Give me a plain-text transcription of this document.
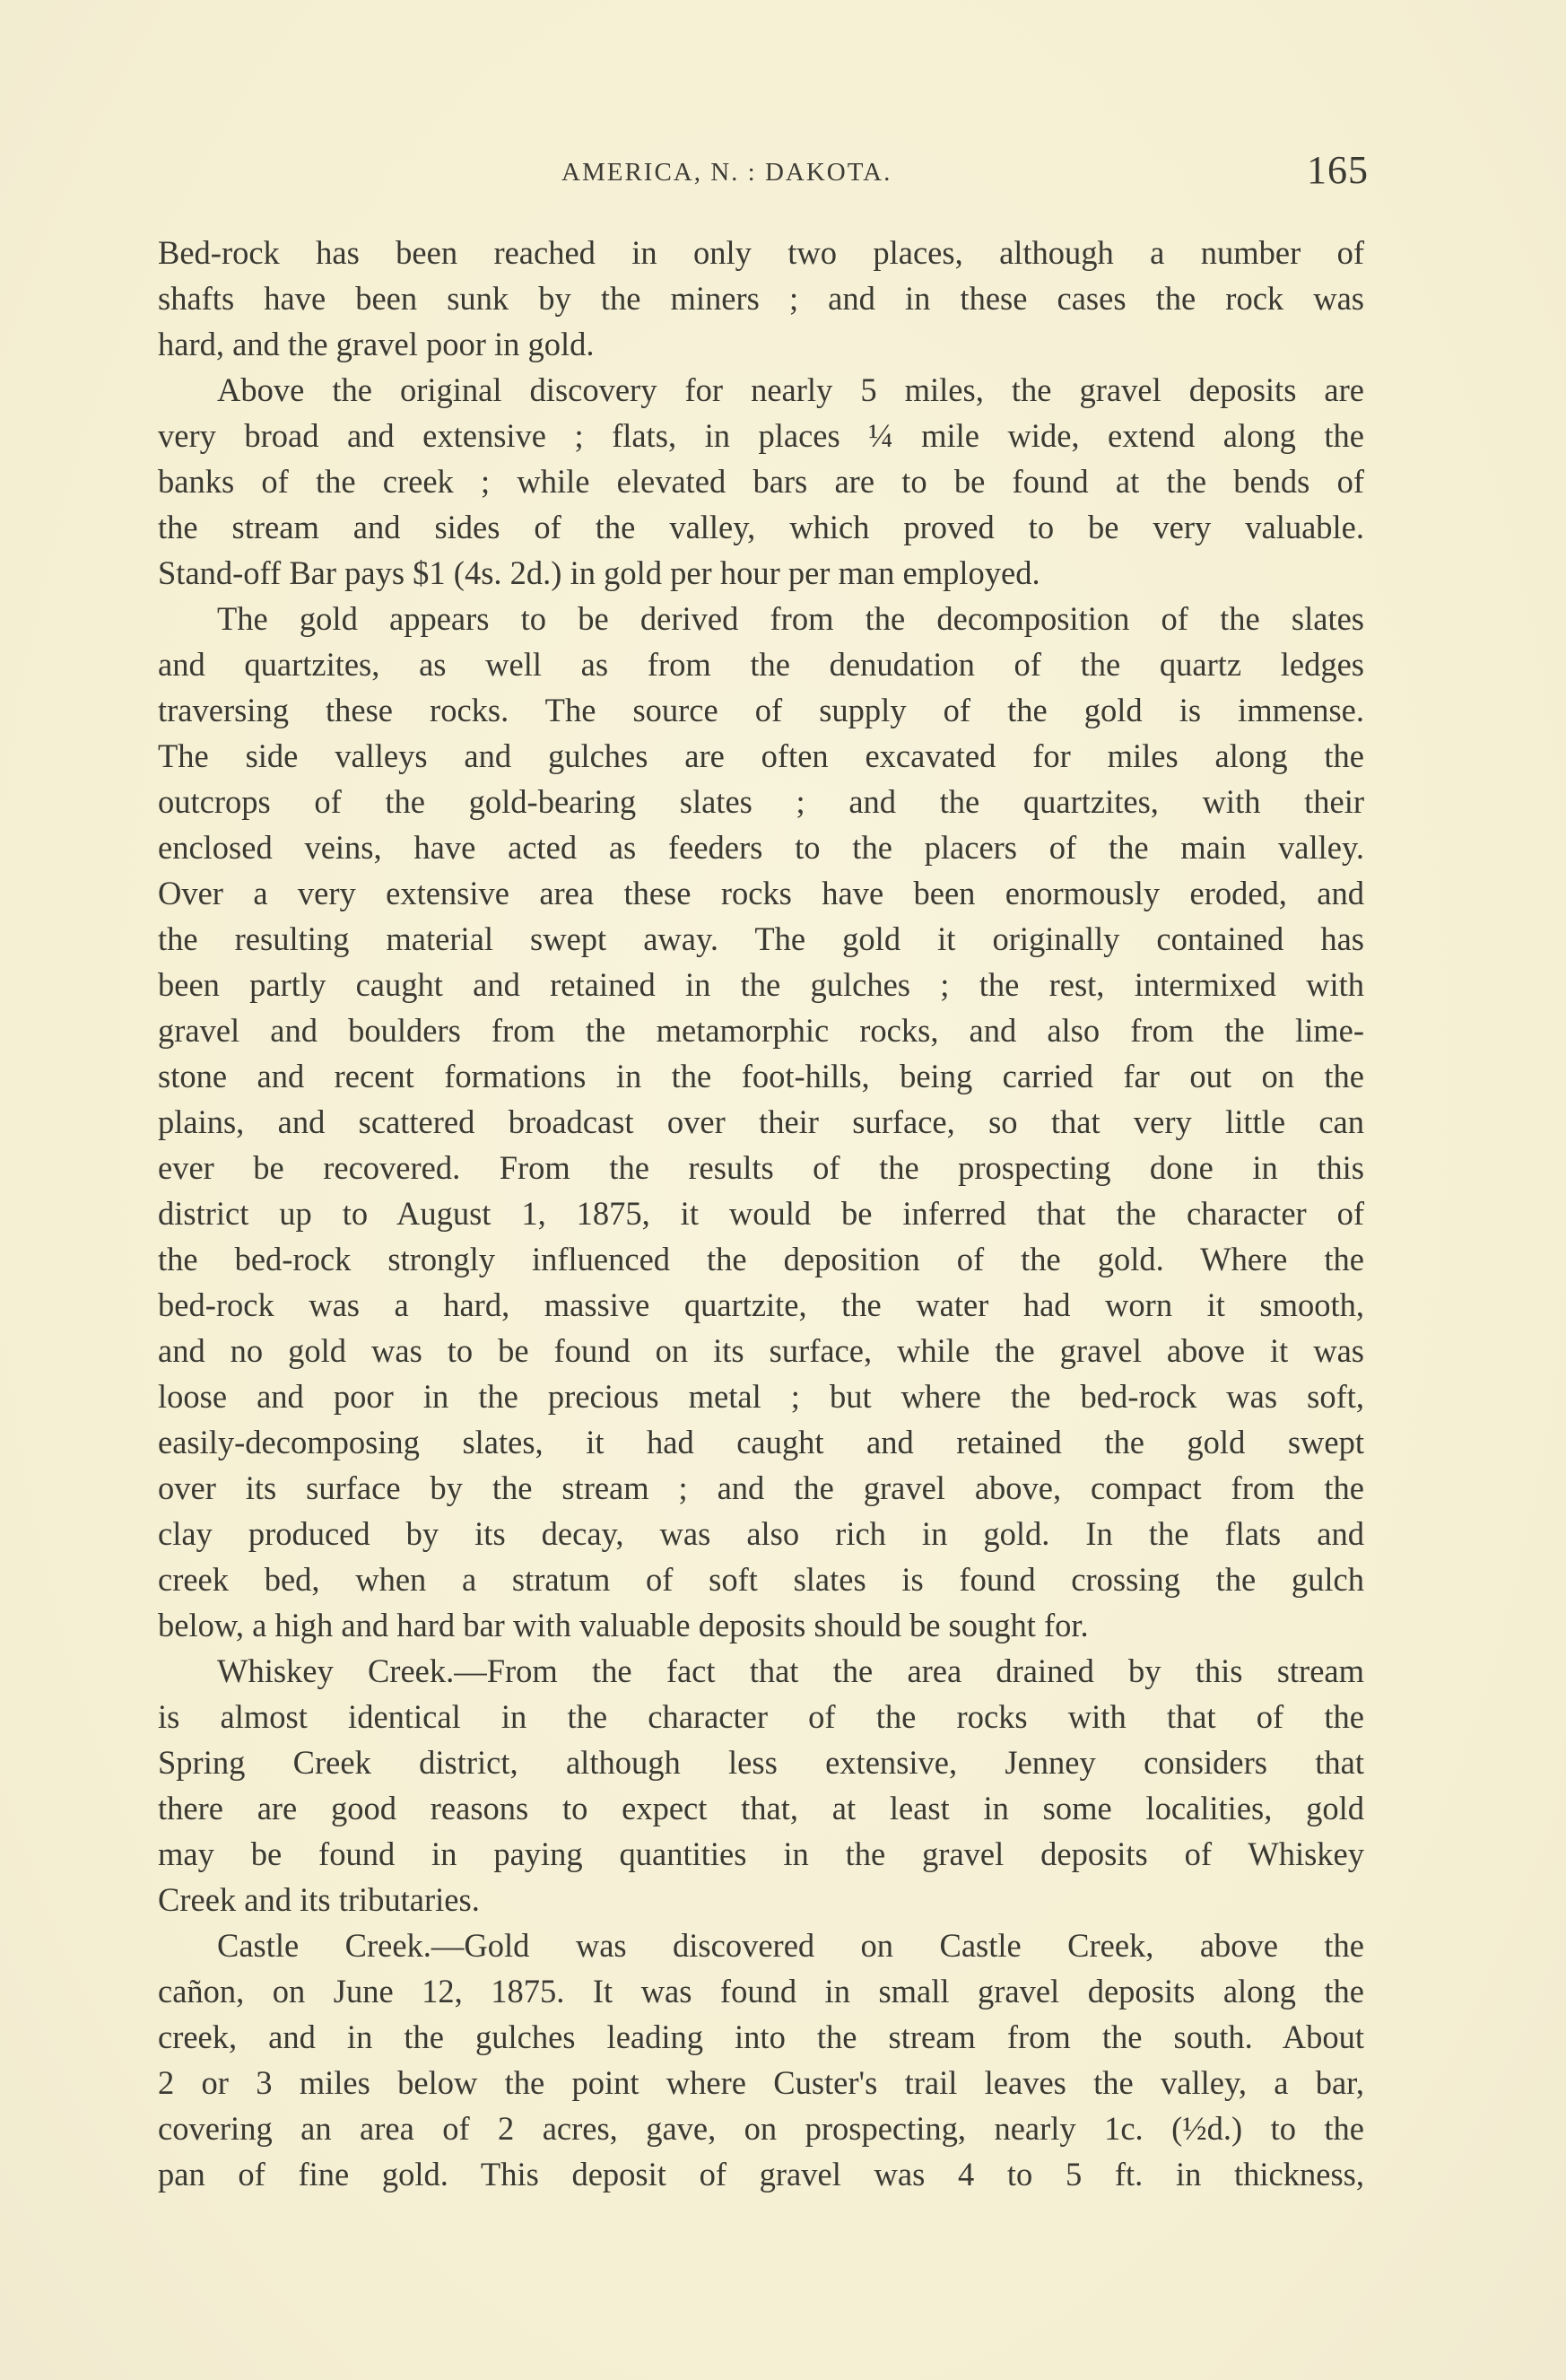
AMERICA, N. : DAKOTA.	165
Bed-rock has been reached in only two places, although a number of
shafts have been sunk by the miners ; and in these cases the rock was
hard, and the gravel poor in gold.
Above the original discovery for nearly 5 miles, the gravel deposits are
very broad and extensive ; flats, in places ¼ mile wide, extend along the
banks of the creek ; while elevated bars are to be found at the bends of
the stream and sides of the valley, which proved to be very valuable.
Stand-off Bar pays $1 (4s. 2d.) in gold per hour per man employed.
The gold appears to be derived from the decomposition of the slates
and quartzites, as well as from the denudation of the quartz ledges
traversing these rocks. The source of supply of the gold is immense.
The side valleys and gulches are often excavated for miles along the
outcrops of the gold-bearing slates ; and the quartzites, with their
enclosed veins, have acted as feeders to the placers of the main valley.
Over a very extensive area these rocks have been enormously eroded, and
the resulting material swept away. The gold it originally contained has
been partly caught and retained in the gulches ; the rest, intermixed with
gravel and boulders from the metamorphic rocks, and also from the lime-
stone and recent formations in the foot-hills, being carried far out on the
plains, and scattered broadcast over their surface, so that very little can
ever be recovered. From the results of the prospecting done in this
district up to August 1, 1875, it would be inferred that the character of
the bed-rock strongly influenced the deposition of the gold. Where the
bed-rock was a hard, massive quartzite, the water had worn it smooth,
and no gold was to be found on its surface, while the gravel above it was
loose and poor in the precious metal ; but where the bed-rock was soft,
easily-decomposing slates, it had caught and retained the gold swept
over its surface by the stream ; and the gravel above, compact from the
clay produced by its decay, was also rich in gold. In the flats and
creek bed, when a stratum of soft slates is found crossing the gulch
below, a high and hard bar with valuable deposits should be sought for.
Whiskey Creek.—From the fact that the area drained by this stream
is almost identical in the character of the rocks with that of the
Spring Creek district, although less extensive, Jenney considers that
there are good reasons to expect that, at least in some localities, gold
may be found in paying quantities in the gravel deposits of Whiskey
Creek and its tributaries.
Castle Creek.—Gold was discovered on Castle Creek, above the
cañon, on June 12, 1875. It was found in small gravel deposits along the
creek, and in the gulches leading into the stream from the south. About
2 or 3 miles below the point where Custer's trail leaves the valley, a bar,
covering an area of 2 acres, gave, on prospecting, nearly 1c. (½d.) to the
pan of fine gold. This deposit of gravel was 4 to 5 ft. in thickness,
